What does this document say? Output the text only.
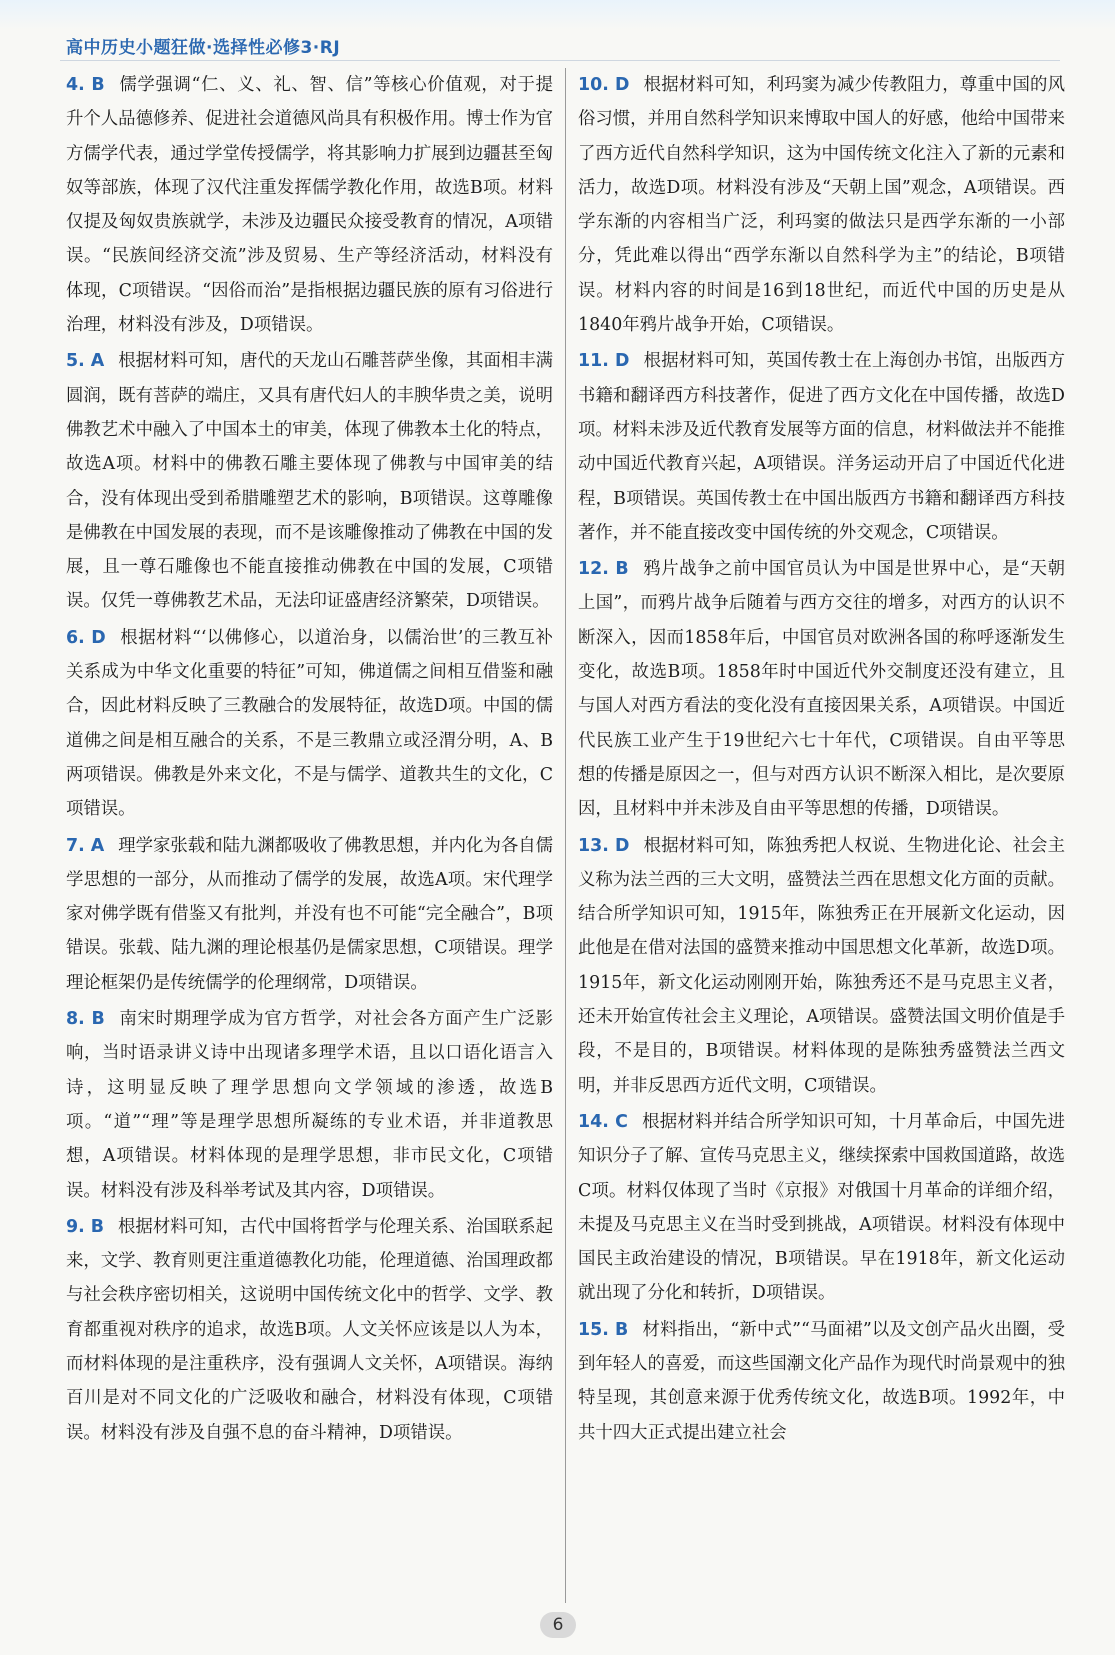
高中历史小题狂做·选择性必修3·RJ

4. B 儒学强调“仁、义、礼、智、信”等核心价值观，对于提升个人品德修养、促进社会道德风尚具有积极作用。博士作为官方儒学代表，通过学堂传授儒学，将其影响力扩展到边疆甚至匈奴等部族，体现了汉代注重发挥儒学教化作用，故选B项。材料仅提及匈奴贵族就学，未涉及边疆民众接受教育的情况，A项错误。“民族间经济交流”涉及贸易、生产等经济活动，材料没有体现，C项错误。“因俗而治”是指根据边疆民族的原有习俗进行治理，材料没有涉及，D项错误。

5. A 根据材料可知，唐代的天龙山石雕菩萨坐像，其面相丰满圆润，既有菩萨的端庄，又具有唐代妇人的丰腴华贵之美，说明佛教艺术中融入了中国本土的审美，体现了佛教本土化的特点，故选A项。材料中的佛教石雕主要体现了佛教与中国审美的结合，没有体现出受到希腊雕塑艺术的影响，B项错误。这尊雕像是佛教在中国发展的表现，而不是该雕像推动了佛教在中国的发展，且一尊石雕像也不能直接推动佛教在中国的发展，C项错误。仅凭一尊佛教艺术品，无法印证盛唐经济繁荣，D项错误。

6. D 根据材料“‘以佛修心，以道治身，以儒治世’的三教互补关系成为中华文化重要的特征”可知，佛道儒之间相互借鉴和融合，因此材料反映了三教融合的发展特征，故选D项。中国的儒道佛之间是相互融合的关系，不是三教鼎立或泾渭分明，A、B两项错误。佛教是外来文化，不是与儒学、道教共生的文化，C项错误。

7. A 理学家张载和陆九渊都吸收了佛教思想，并内化为各自儒学思想的一部分，从而推动了儒学的发展，故选A项。宋代理学家对佛学既有借鉴又有批判，并没有也不可能“完全融合”，B项错误。张载、陆九渊的理论根基仍是儒家思想，C项错误。理学理论框架仍是传统儒学的伦理纲常，D项错误。

8. B 南宋时期理学成为官方哲学，对社会各方面产生广泛影响，当时语录讲义诗中出现诸多理学术语，且以口语化语言入诗，这明显反映了理学思想向文学领域的渗透，故选B项。“道”“理”等是理学思想所凝练的专业术语，并非道教思想，A项错误。材料体现的是理学思想，非市民文化，C项错误。材料没有涉及科举考试及其内容，D项错误。

9. B 根据材料可知，古代中国将哲学与伦理关系、治国联系起来，文学、教育则更注重道德教化功能，伦理道德、治国理政都与社会秩序密切相关，这说明中国传统文化中的哲学、文学、教育都重视对秩序的追求，故选B项。人文关怀应该是以人为本，而材料体现的是注重秩序，没有强调人文关怀，A项错误。海纳百川是对不同文化的广泛吸收和融合，材料没有体现，C项错误。材料没有涉及自强不息的奋斗精神，D项错误。

10. D 根据材料可知，利玛窦为减少传教阻力，尊重中国的风俗习惯，并用自然科学知识来博取中国人的好感，他给中国带来了西方近代自然科学知识，这为中国传统文化注入了新的元素和活力，故选D项。材料没有涉及“天朝上国”观念，A项错误。西学东渐的内容相当广泛，利玛窦的做法只是西学东渐的一小部分，凭此难以得出“西学东渐以自然科学为主”的结论，B项错误。材料内容的时间是16到18世纪，而近代中国的历史是从1840年鸦片战争开始，C项错误。

11. D 根据材料可知，英国传教士在上海创办书馆，出版西方书籍和翻译西方科技著作，促进了西方文化在中国传播，故选D项。材料未涉及近代教育发展等方面的信息，材料做法并不能推动中国近代教育兴起，A项错误。洋务运动开启了中国近代化进程，B项错误。英国传教士在中国出版西方书籍和翻译西方科技著作，并不能直接改变中国传统的外交观念，C项错误。

12. B 鸦片战争之前中国官员认为中国是世界中心，是“天朝上国”，而鸦片战争后随着与西方交往的增多，对西方的认识不断深入，因而1858年后，中国官员对欧洲各国的称呼逐渐发生变化，故选B项。1858年时中国近代外交制度还没有建立，且与国人对西方看法的变化没有直接因果关系，A项错误。中国近代民族工业产生于19世纪六七十年代，C项错误。自由平等思想的传播是原因之一，但与对西方认识不断深入相比，是次要原因，且材料中并未涉及自由平等思想的传播，D项错误。

13. D 根据材料可知，陈独秀把人权说、生物进化论、社会主义称为法兰西的三大文明，盛赞法兰西在思想文化方面的贡献。结合所学知识可知，1915年，陈独秀正在开展新文化运动，因此他是在借对法国的盛赞来推动中国思想文化革新，故选D项。1915年，新文化运动刚刚开始，陈独秀还不是马克思主义者，还未开始宣传社会主义理论，A项错误。盛赞法国文明价值是手段，不是目的，B项错误。材料体现的是陈独秀盛赞法兰西文明，并非反思西方近代文明，C项错误。

14. C 根据材料并结合所学知识可知，十月革命后，中国先进知识分子了解、宣传马克思主义，继续探索中国救国道路，故选C项。材料仅体现了当时《京报》对俄国十月革命的详细介绍，未提及马克思主义在当时受到挑战，A项错误。材料没有体现中国民主政治建设的情况，B项错误。早在1918年，新文化运动就出现了分化和转折，D项错误。

15. B 材料指出，“新中式”“马面裙”以及文创产品火出圈，受到年轻人的喜爱，而这些国潮文化产品作为现代时尚景观中的独特呈现，其创意来源于优秀传统文化，故选B项。1992年，中共十四大正式提出建立社会

6
